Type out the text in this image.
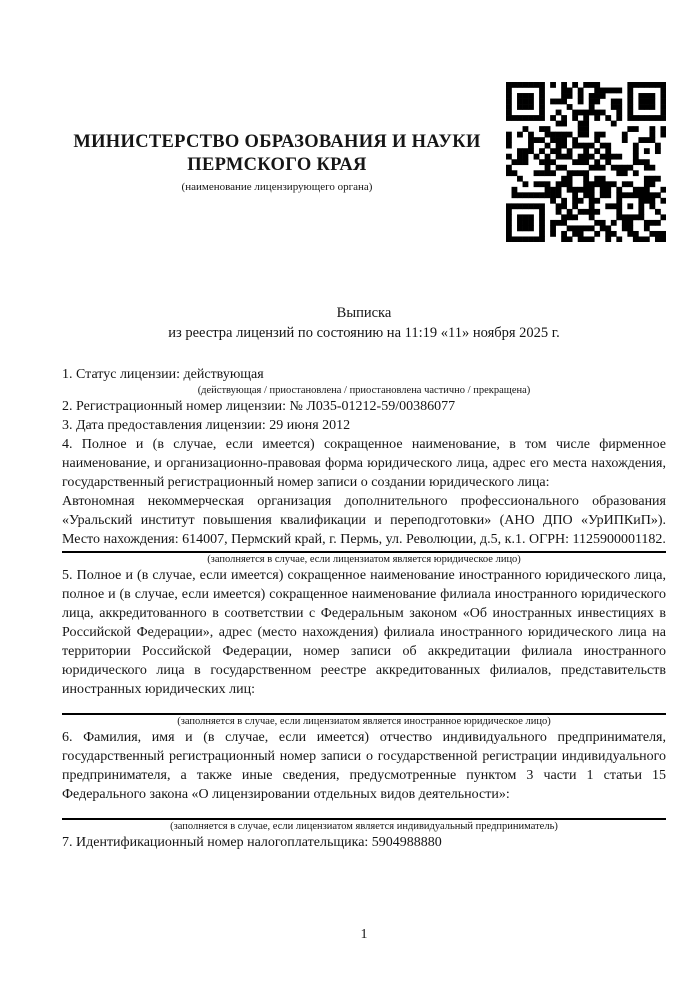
МИНИСТЕРСТВО ОБРАЗОВАНИЯ И НАУКИ
ПЕРМСКОГО КРАЯ
(наименование лицензирующего органа)
Выписка
из реестра лицензий по состоянию на 11:19 «11» ноября 2025 г.

1. Статус лицензии: действующая

(действующая / приостановлена / приостановлена частично / прекращена)

2. Регистрационный номер лицензии: № Л035-01212-59/00386077

3. Дата предоставления лицензии: 29 июня 2012

4. Полное и (в случае, если имеется) сокращенное наименование, в том числе фирменное наименование, и организационно-правовая форма юридического лица, адрес его места нахождения, государственный регистрационный номер записи о создании юридического лица:
Автономная некоммерческая организация дополнительного профессионального образования «Уральский институт повышения квалификации и переподготовки» (АНО ДПО «УрИПКиП»). Место нахождения: 614007, Пермский край, г. Пермь, ул. Революции, д.5, к.1. ОГРН: 1125900001182.

(заполняется в случае, если лицензиатом является юридическое лицо)

5. Полное и (в случае, если имеется) сокращенное наименование иностранного юридического лица, полное и (в случае, если имеется) сокращенное наименование филиала иностранного юридического лица, аккредитованного в соответствии с Федеральным законом «Об иностранных инвестициях в Российской Федерации», адрес (место нахождения) филиала иностранного юридического лица на территории Российской Федерации, номер записи об аккредитации филиала иностранного юридического лица в государственном реестре аккредитованных филиалов, представительств иностранных юридических лиц:

(заполняется в случае, если лицензиатом является иностранное юридическое лицо)

6. Фамилия, имя и (в случае, если имеется) отчество индивидуального предпринимателя, государственный регистрационный номер записи о государственной регистрации индивидуального предпринимателя, а также иные сведения, предусмотренные пунктом 3 части 1 статьи 15 Федерального закона «О лицензировании отдельных видов деятельности»:

(заполняется в случае, если лицензиатом является индивидуальный предприниматель)

7. Идентификационный номер налогоплательщика: 5904988880

1
